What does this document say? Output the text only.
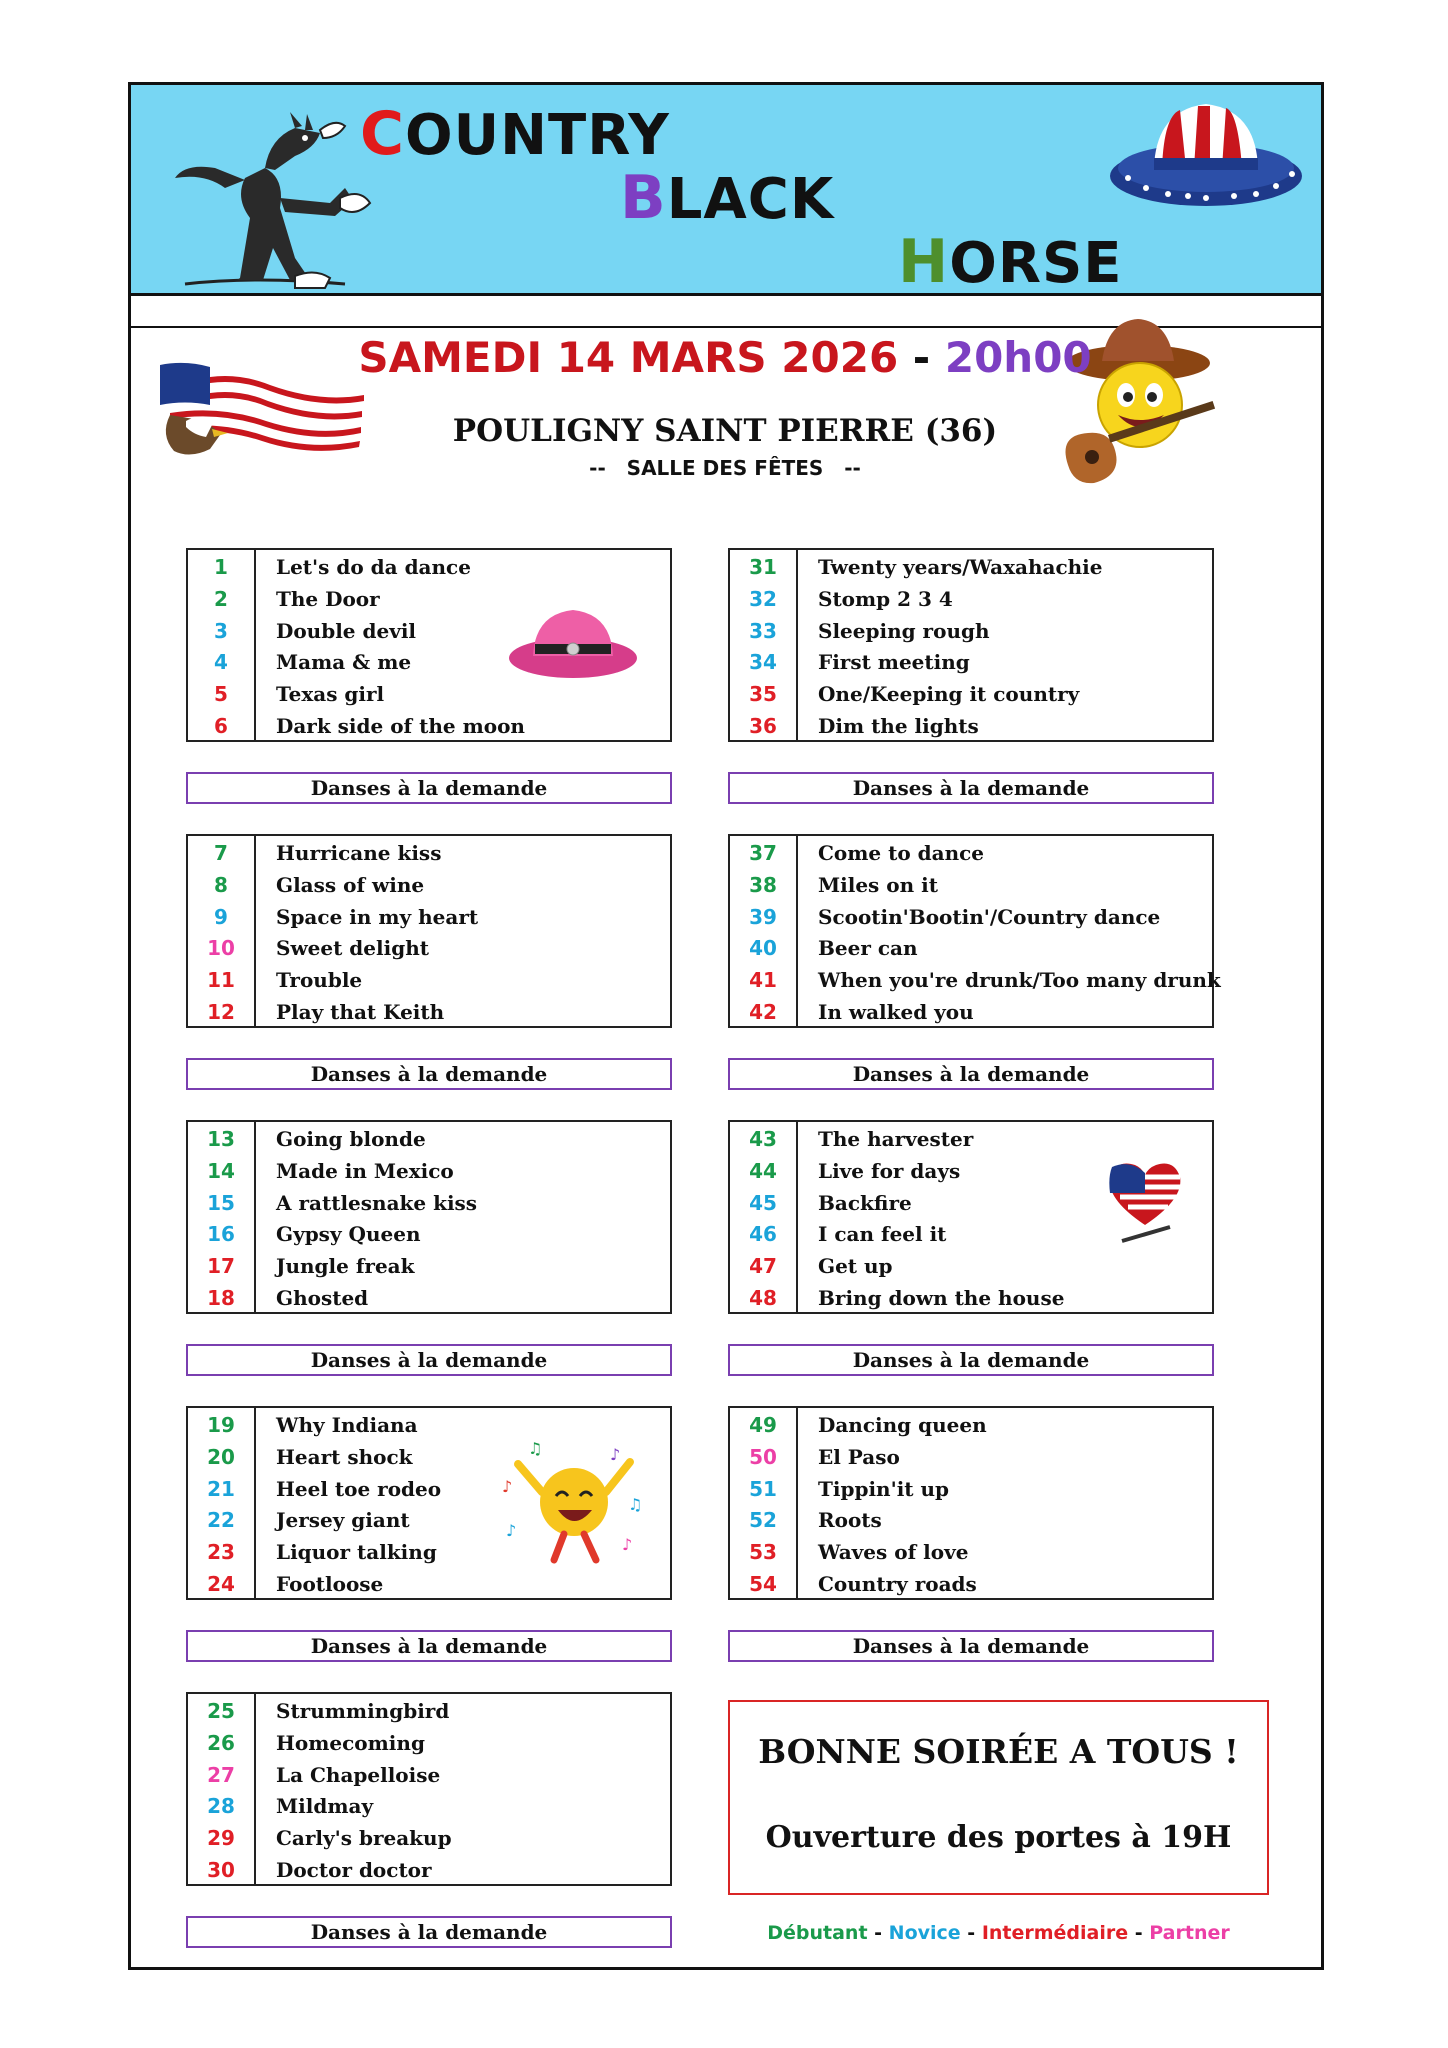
COUNTRY
BLACK
HORSE
SAMEDI 14 MARS 2026 - 20h00
POULIGNY SAINT PIERRE (36)
--   SALLE DES FÊTES   --
1	Let's do da dance
2	The Door
3	Double devil
4	Mama & me
5	Texas girl
6	Dark side of the moon
Danses à la demande
31	Twenty years/Waxahachie
32	Stomp 2 3 4
33	Sleeping rough
34	First meeting
35	One/Keeping it country
36	Dim the lights
Danses à la demande
7	Hurricane kiss
8	Glass of wine
9	Space in my heart
10	Sweet delight
11	Trouble
12	Play that Keith
Danses à la demande
37	Come to dance
38	Miles on it
39	Scootin'Bootin'/Country dance
40	Beer can
41	When you're drunk/Too many drunk
42	In walked you
Danses à la demande
13	Going blonde
14	Made in Mexico
15	A rattlesnake kiss
16	Gypsy Queen
17	Jungle freak
18	Ghosted
Danses à la demande
43	The harvester
44	Live for days
45	Backfire
46	I can feel it
47	Get up
48	Bring down the house
Danses à la demande
19	Why Indiana
20	Heart shock
21	Heel toe rodeo
22	Jersey giant
23	Liquor talking
24	Footloose
Danses à la demande
49	Dancing queen
50	El Paso
51	Tippin'it up
52	Roots
53	Waves of love
54	Country roads
Danses à la demande
25	Strummingbird
26	Homecoming
27	La Chapelloise
28	Mildmay
29	Carly's breakup
30	Doctor doctor
Danses à la demande
♪
♫	♪
♫
♪
♪
BONNE SOIRÉE A TOUS !
Ouverture des portes à 19H
Débutant - Novice - Intermédiaire - Partner
